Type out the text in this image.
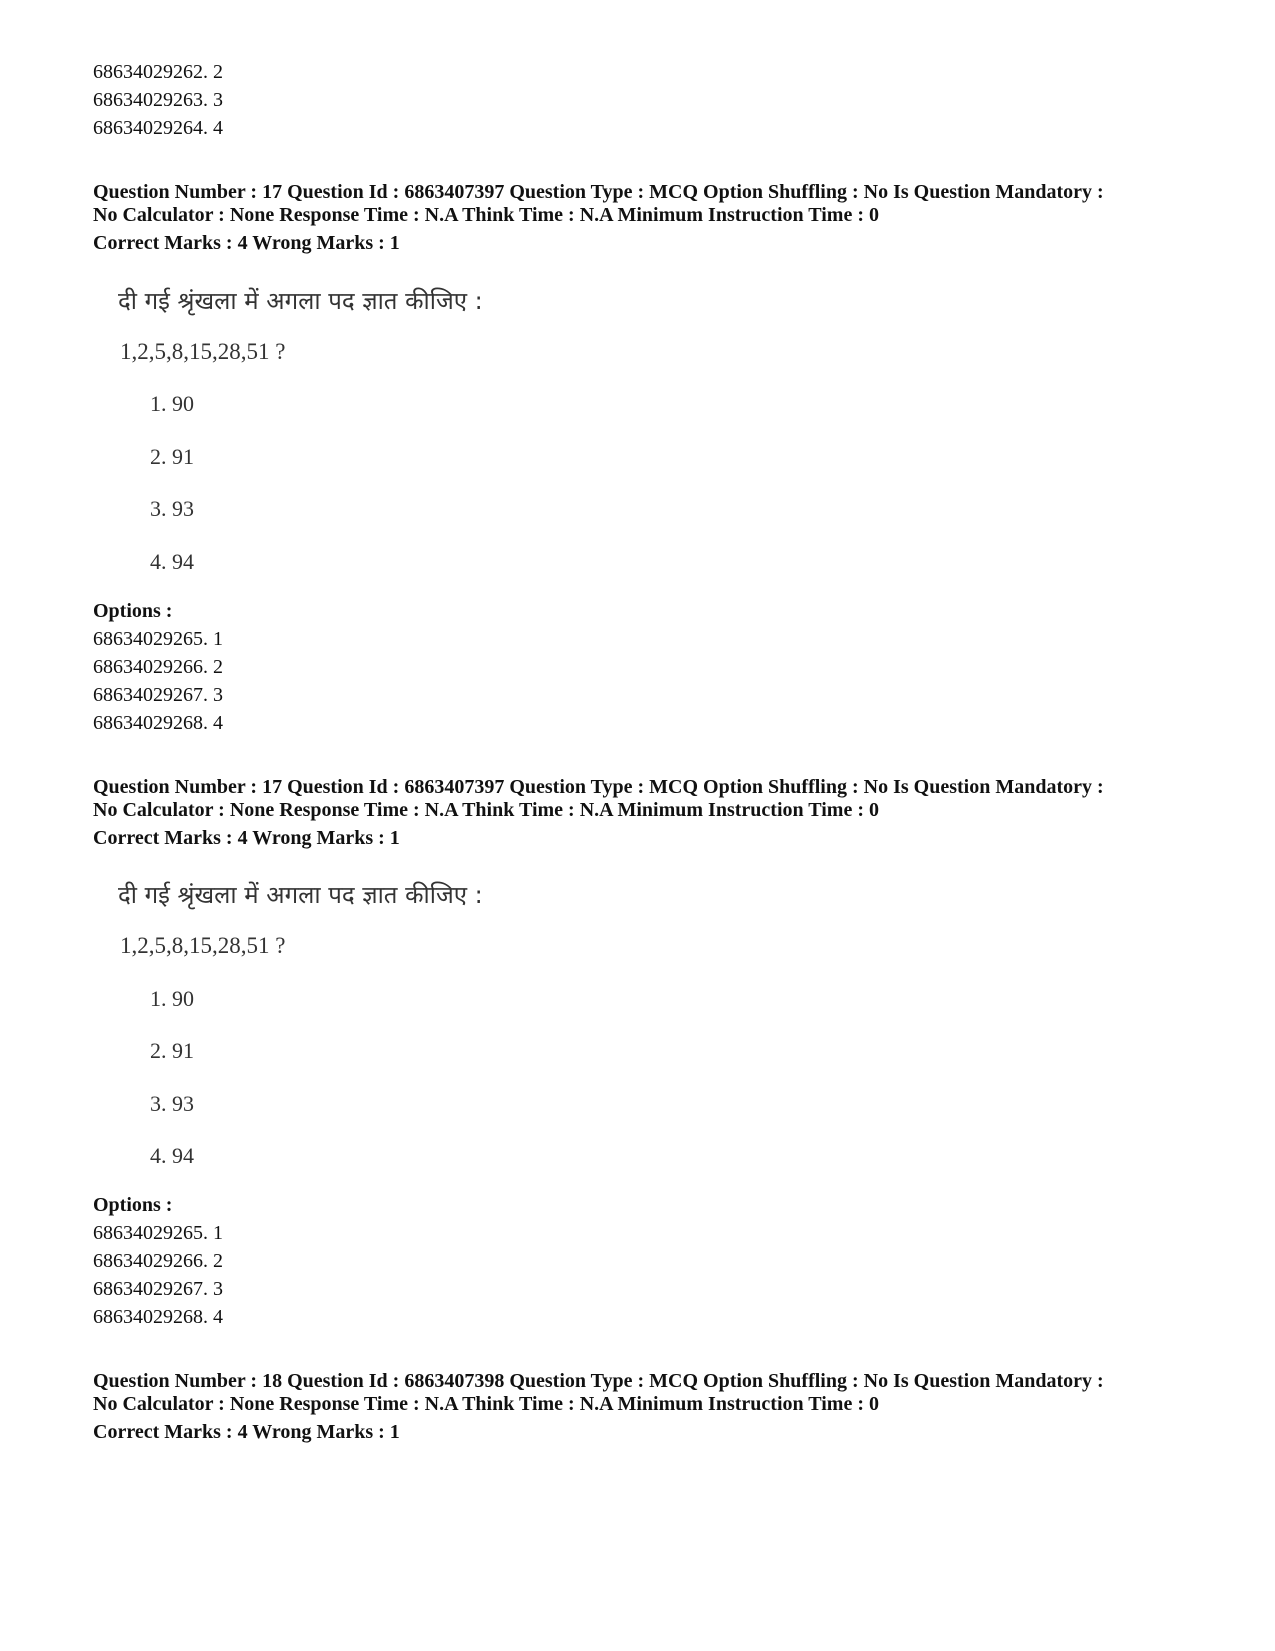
68634029262. 2
68634029263. 3
68634029264. 4
Question Number : 17 Question Id : 6863407397 Question Type : MCQ Option Shuffling : No Is Question Mandatory :
No Calculator : None Response Time : N.A Think Time : N.A Minimum Instruction Time : 0
Correct Marks : 4 Wrong Marks : 1
दी गई श्रृंखला में अगला पद ज्ञात कीजिए :
1,2,5,8,15,28,51 ?
1. 90
2. 91
3. 93
4. 94
Options :
68634029265. 1
68634029266. 2
68634029267. 3
68634029268. 4
Question Number : 17 Question Id : 6863407397 Question Type : MCQ Option Shuffling : No Is Question Mandatory :
No Calculator : None Response Time : N.A Think Time : N.A Minimum Instruction Time : 0
Correct Marks : 4 Wrong Marks : 1
दी गई श्रृंखला में अगला पद ज्ञात कीजिए :
1,2,5,8,15,28,51 ?
1. 90
2. 91
3. 93
4. 94
Options :
68634029265. 1
68634029266. 2
68634029267. 3
68634029268. 4
Question Number : 18 Question Id : 6863407398 Question Type : MCQ Option Shuffling : No Is Question Mandatory :
No Calculator : None Response Time : N.A Think Time : N.A Minimum Instruction Time : 0
Correct Marks : 4 Wrong Marks : 1
